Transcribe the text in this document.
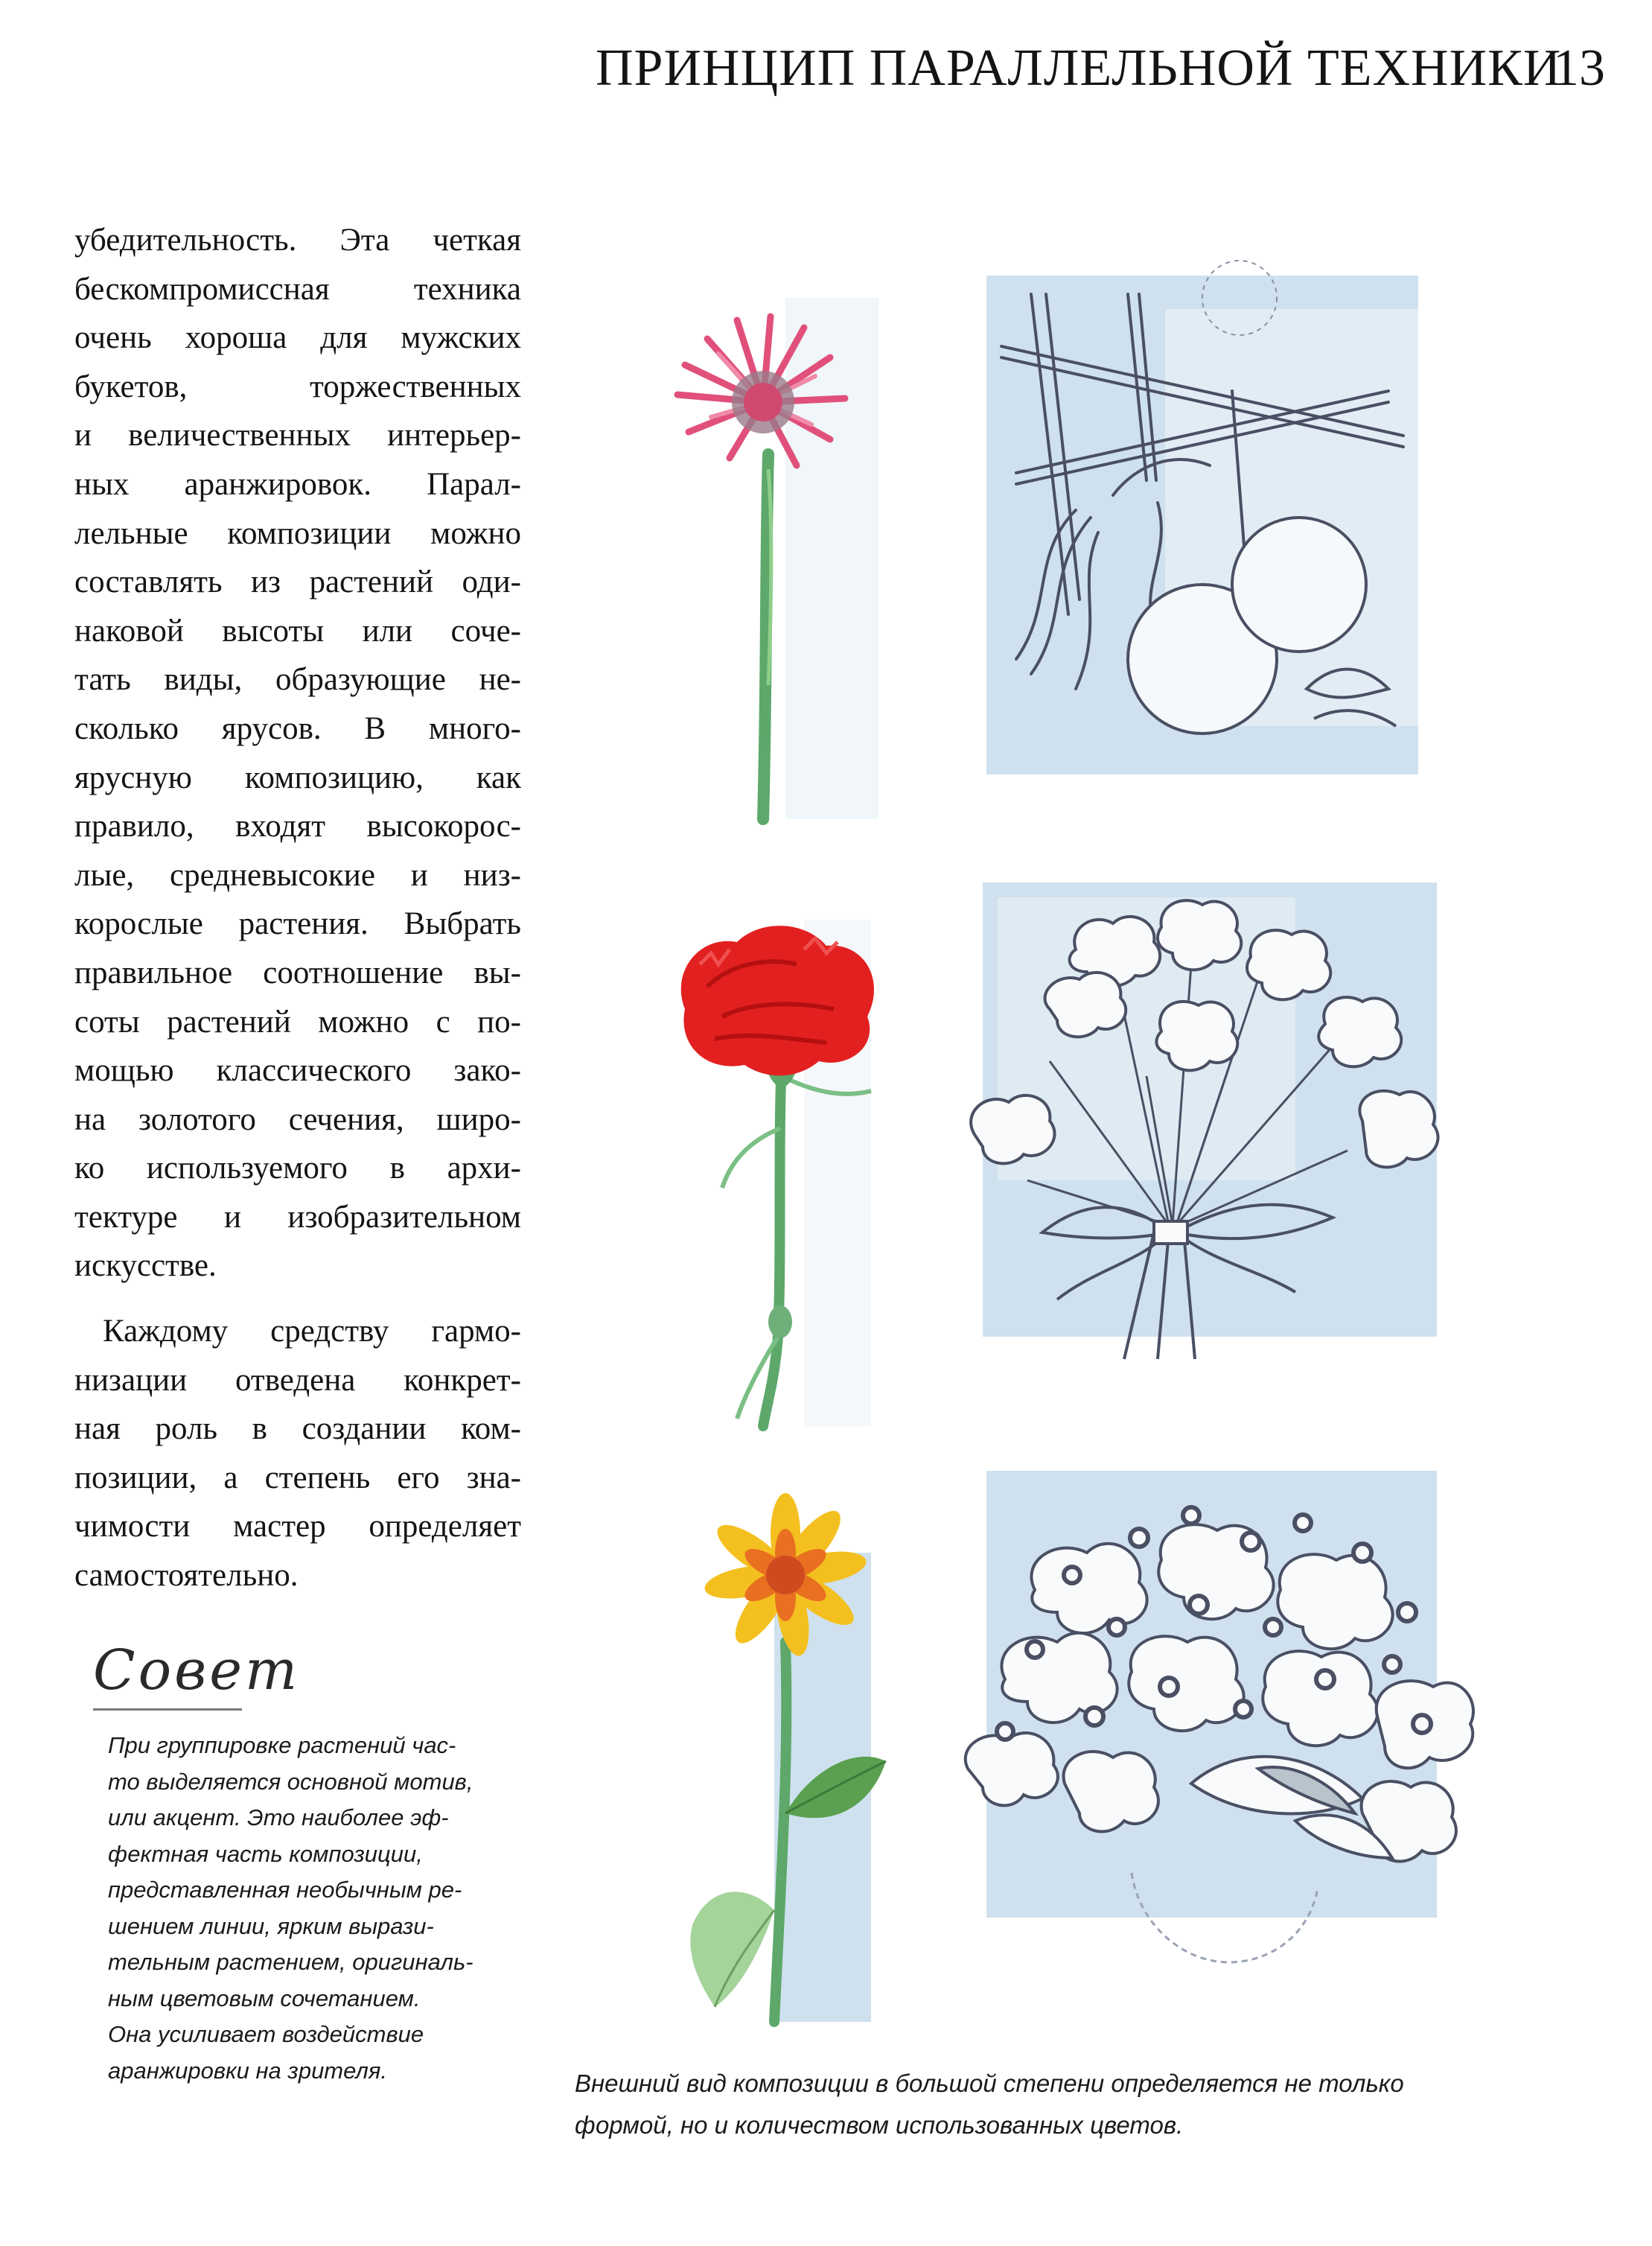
ПРИНЦИП ПАРАЛЛЕЛЬНОЙ ТЕХНИКИ
13
убедительность. Эта четкая
бескомпромиссная техника
очень хороша для мужских
букетов, торжественных
и величественных интерьер-
ных аранжировок. Парал-
лельные композиции можно
составлять из растений оди-
наковой высоты или соче-
тать виды, образующие не-
сколько ярусов. В много-
ярусную композицию, как
правило, входят высокорос-
лые, средневысокие и низ-
корослые растения. Выбрать
правильное соотношение вы-
соты растений можно с по-
мощью классического зако-
на золотого сечения, широ-
ко используемого в архи-
тектуре и изобразительном
искусстве.
Каждому средству гармо-
низации отведена конкрет-
ная роль в создании ком-
позиции, а степень его зна-
чимости мастер определяет
самостоятельно.
Совет
При группировке растений час-
то выделяется основной мотив,
или акцент. Это наиболее эф-
фектная часть композиции,
представленная необычным ре-
шением линии, ярким вырази-
тельным растением, оригиналь-
ным цветовым сочетанием.
Она усиливает воздействие
аранжировки на зрителя.	Внешний вид композиции в большой степени определяется не только
формой, но и количеством использованных цветов.
